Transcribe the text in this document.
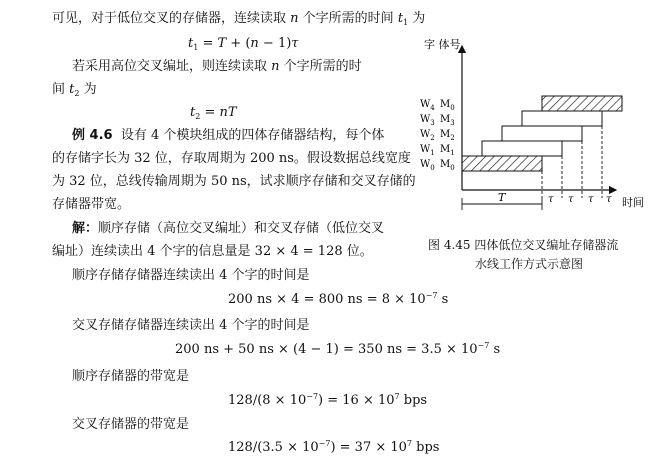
可见，对于低位交叉的存储器，连续读取 n 个字所需的时间 $t_1$ 为
$t_1 = T + (n - 1)\tau$
若采用高位交叉编址，则连续读取 n 个字所需的时
间 $t_2$ 为
$t_2$ = nT
例 4.6 设有 4 个模块组成的四体存储器结构，每个体
的存储字长为 32 位，存取周期为 200 ns。假设数据总线宽度
为 32 位，总线传输周期为 50 ns，试求顺序存储和交叉存储的
存储器带宽。
解：顺序存储（高位交叉编址）和交叉存储（低位交叉
编址）连续读出 4 个字的信息量是 32 × 4 = 128 位。
顺序存储存储器连续读出 4 个字的时间是
200 ns × 4 = 800 ns = $8 \times 10^{-7}$ s
交叉存储存储器连续读出 4 个字的时间是
200 ns + 50 ns × (4 − 1) = 350 ns = $3.5 \times 10^{-7}$ s
顺序存储器的带宽是
$128/(8 \times 10^{-7}) = 16 \times 10^7$ bps
交叉存储器的带宽是
$128/(3.5 \times 10^{-7}) = 37 \times 10^7$ bps
字 体号
时间
$W_4$ $M_0$
$W_3$ $M_3$
$W_2$ $M_2$
$W_1$ $M_1$
$W_0$ $M_0$
T	τ τ τ τ
图 4.45 四体低位交叉编址存储器流
水线工作方式示意图
